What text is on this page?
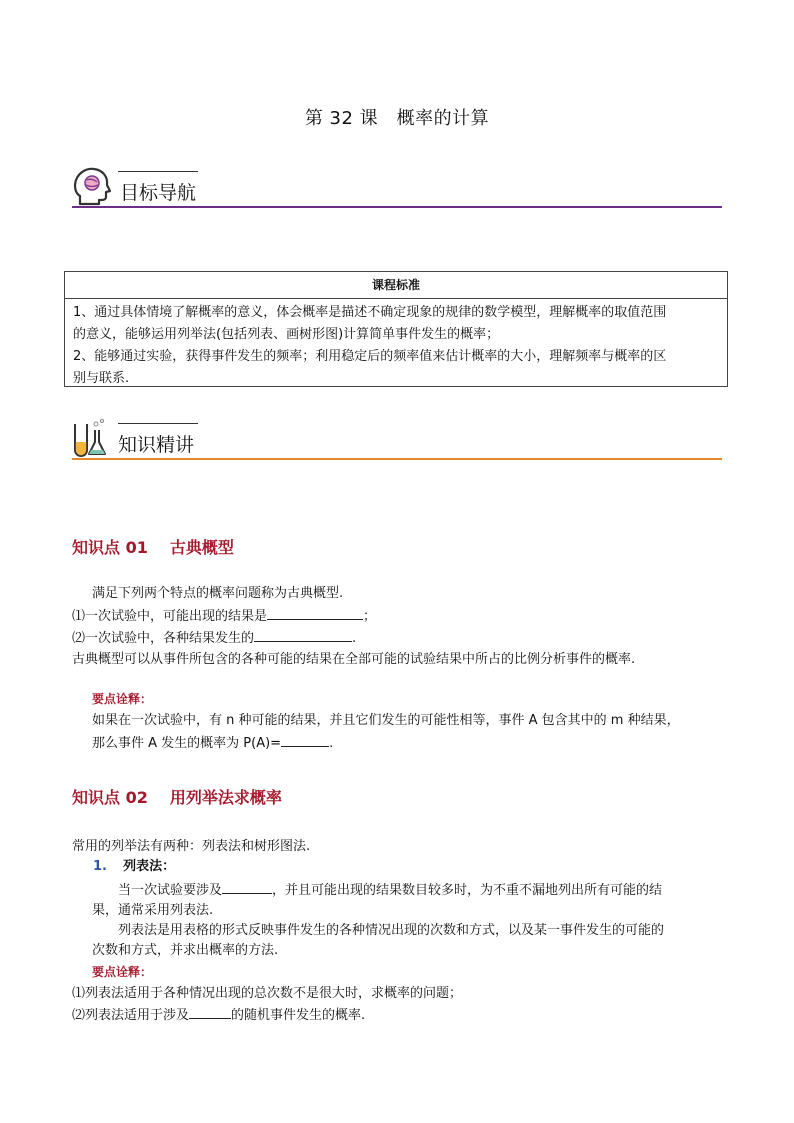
第 32 课　概率的计算
目标导航
课程标准
1、通过具体情境了解概率的意义，体会概率是描述不确定现象的规律的数学模型，理解概率的取值范围
的意义，能够运用列举法(包括列表、画树形图)计算简单事件发生的概率；
2、能够通过实验，获得事件发生的频率；利用稳定后的频率值来估计概率的大小，理解频率与概率的区
别与联系.
知识精讲
知识点 01 古典概型
满足下列两个特点的概率问题称为古典概型.
⑴一次试验中，可能出现的结果是	；
⑵一次试验中，各种结果发生的	.
古典概型可以从事件所包含的各种可能的结果在全部可能的试验结果中所占的比例分析事件的概率.
要点诠释：
如果在一次试验中，有 n 种可能的结果，并且它们发生的可能性相等，事件 A 包含其中的 m 种结果，
那么事件 A 发生的概率为 P(A)=	.
知识点 02 用列举法求概率
常用的列举法有两种：列表法和树形图法.
1. 列表法：
当一次试验要涉及	，并且可能出现的结果数目较多时，为不重不漏地列出所有可能的结
果，通常采用列表法.
列表法是用表格的形式反映事件发生的各种情况出现的次数和方式，以及某一事件发生的可能的
次数和方式，并求出概率的方法.
要点诠释：
⑴列表法适用于各种情况出现的总次数不是很大时，求概率的问题；
⑵列表法适用于涉及	的随机事件发生的概率.
